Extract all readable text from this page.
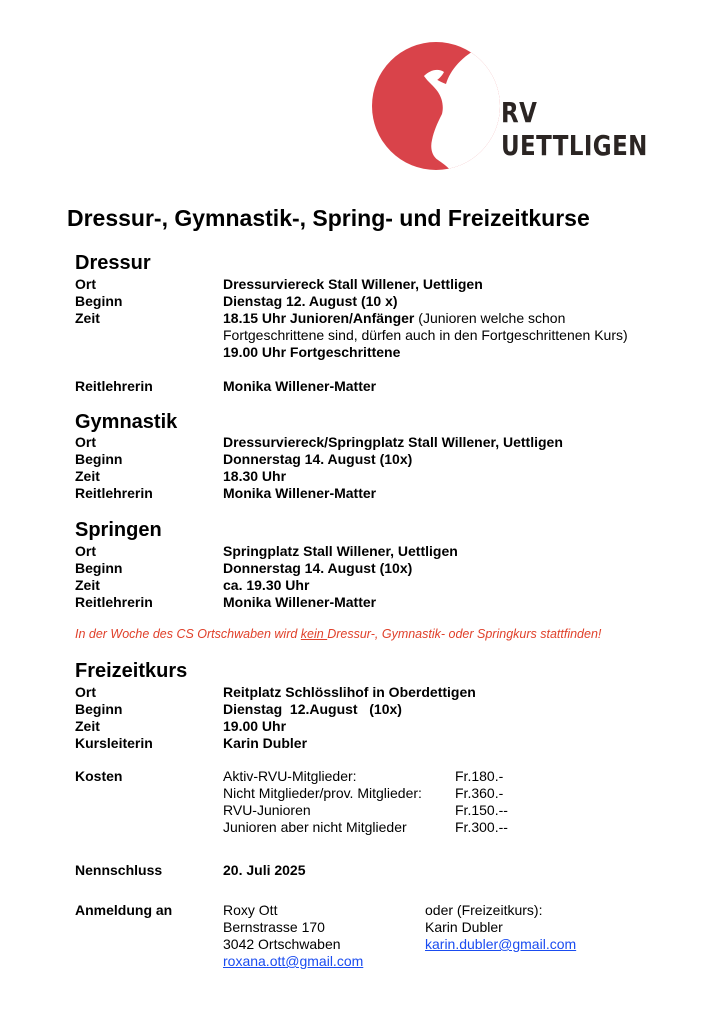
RV UETTLIGEN
Dressur-, Gymnastik-, Spring- und Freizeitkurse
Dressur
Ort	Dressurviereck Stall Willener, Uettligen
Beginn	Dienstag 12. August (10 x)
Zeit	18.15 Uhr Junioren/Anfänger (Junioren welche schon
Fortgeschrittene sind, dürfen auch in den Fortgeschrittenen Kurs)
19.00 Uhr Fortgeschrittene
Reitlehrerin	Monika Willener-Matter
Gymnastik
Ort	Dressurviereck/Springplatz Stall Willener, Uettligen
Beginn	Donnerstag 14. August (10x)
Zeit	18.30 Uhr
Reitlehrerin	Monika Willener-Matter
Springen
Ort	Springplatz Stall Willener, Uettligen
Beginn	Donnerstag 14. August (10x)
Zeit	ca. 19.30 Uhr
Reitlehrerin	Monika Willener-Matter
In der Woche des CS Ortschwaben wird kein Dressur-, Gymnastik- oder Springkurs stattfinden!
Freizeitkurs
Ort	Reitplatz Schlösslihof in Oberdettigen
Beginn	Dienstag  12.August   (10x)
Zeit	19.00 Uhr
Kursleiterin	Karin Dubler
Kosten	Aktiv-RVU-Mitglieder:	Fr.180.-
Nicht Mitglieder/prov. Mitglieder: Fr.360.-
RVU-Junioren	Fr.150.--
Junioren aber nicht Mitglieder	Fr.300.--
Nennschluss	20. Juli 2025
Anmeldung an	Roxy Ott
Bernstrasse 170
3042 Ortschwaben
roxana.ott@gmail.com
oder (Freizeitkurs):
Karin Dubler
karin.dubler@gmail.com
